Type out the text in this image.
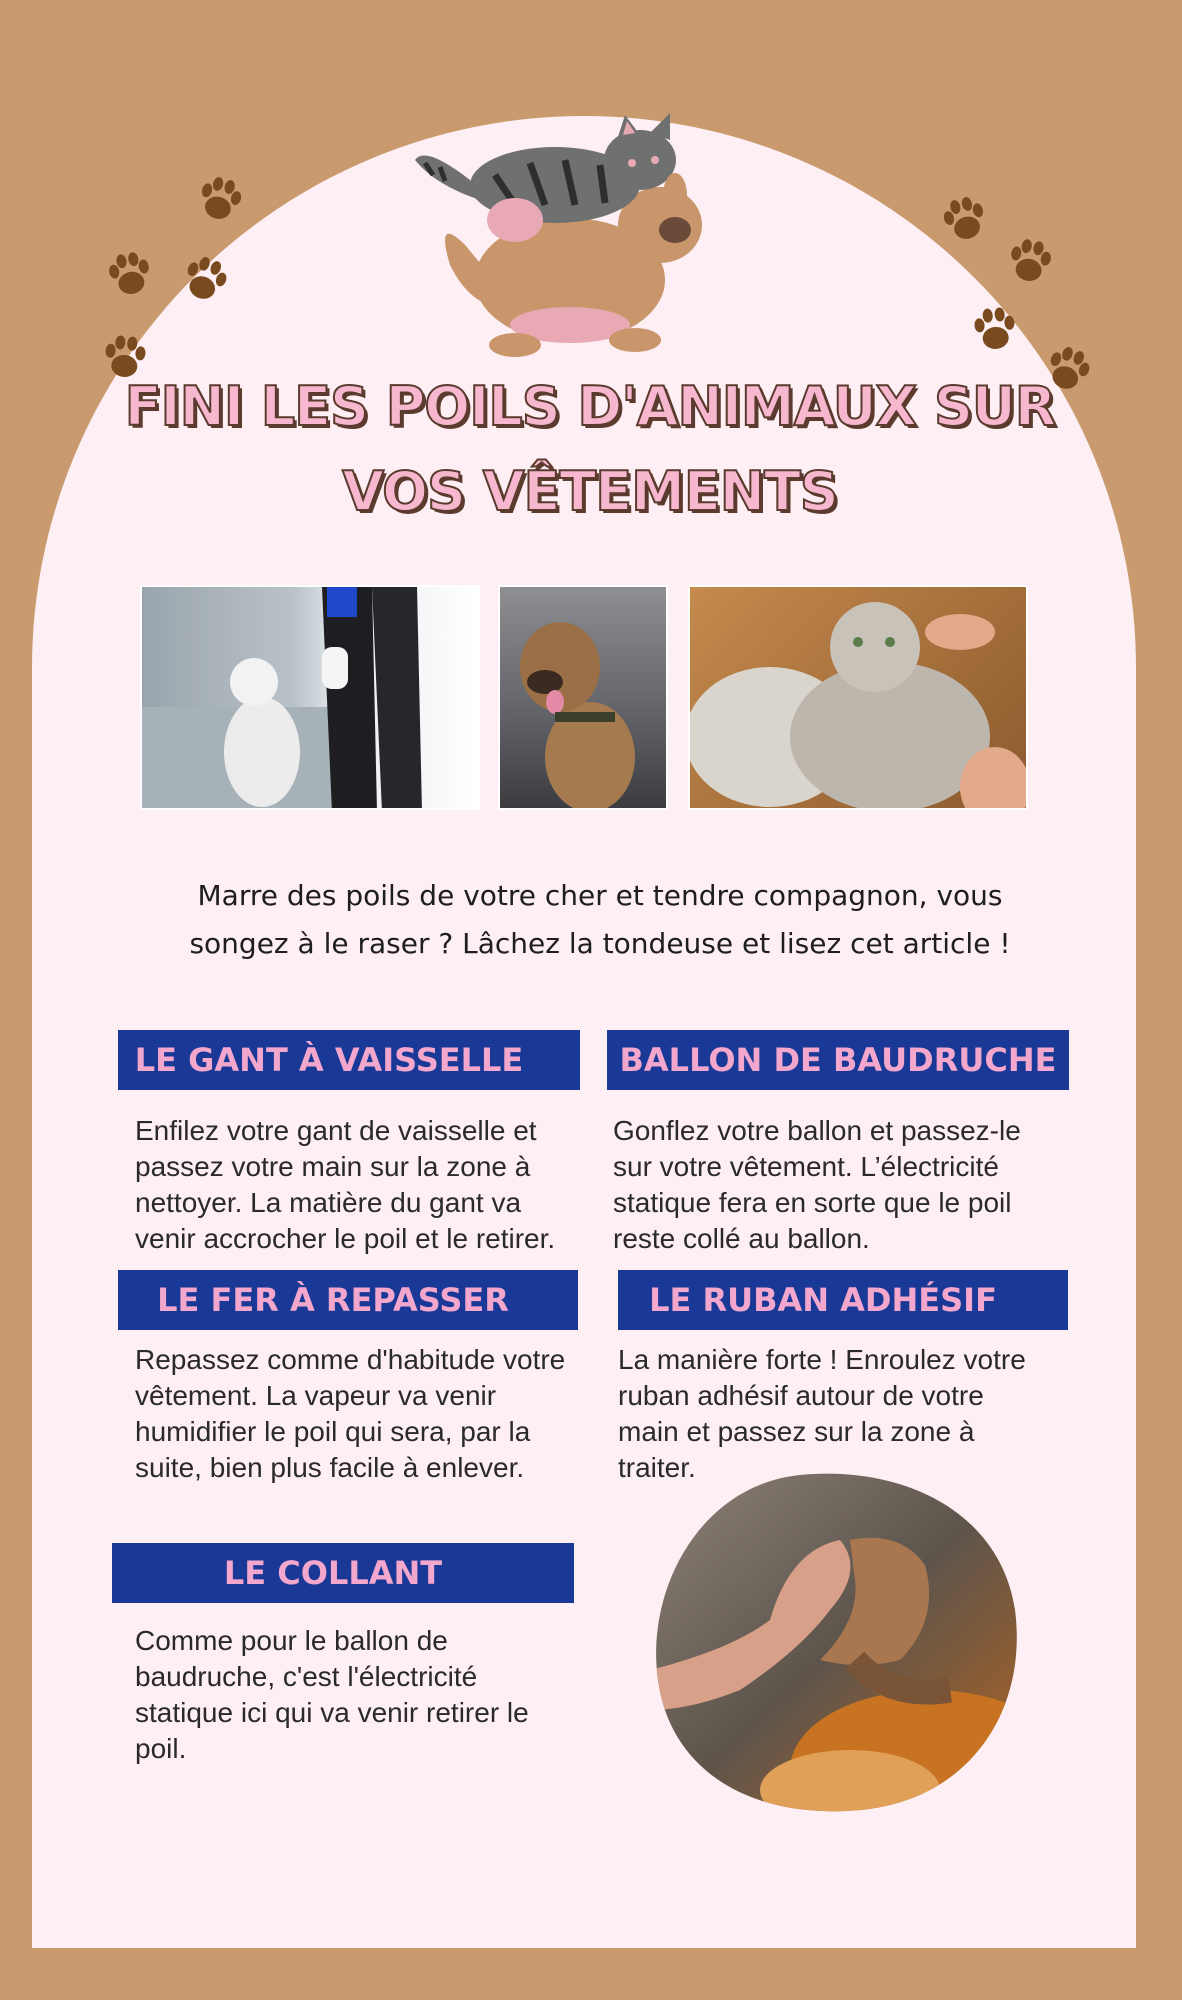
FINI LES POILS D'ANIMAUX SUR
VOS VÊTEMENTS
Marre des poils de votre cher et tendre compagnon, vous
songez à le raser ? Lâchez la tondeuse et lisez cet article !
LE GANT À VAISSELLE
Enfilez votre gant de vaisselle et
passez votre main sur la zone à
nettoyer. La matière du gant va
venir accrocher le poil et le retirer.
BALLON DE BAUDRUCHE
Gonflez votre ballon et passez-le
sur votre vêtement. L’électricité
statique fera en sorte que le poil
reste collé au ballon.
LE FER À REPASSER
Repassez comme d'habitude votre
vêtement. La vapeur va venir
humidifier le poil qui sera, par la
suite, bien plus facile à enlever.
LE RUBAN ADHÉSIF
La manière forte ! Enroulez votre
ruban adhésif autour de votre
main et passez sur la zone à
traiter.
LE COLLANT
Comme pour le ballon de
baudruche, c'est l'électricité
statique ici qui va venir retirer le
poil.
